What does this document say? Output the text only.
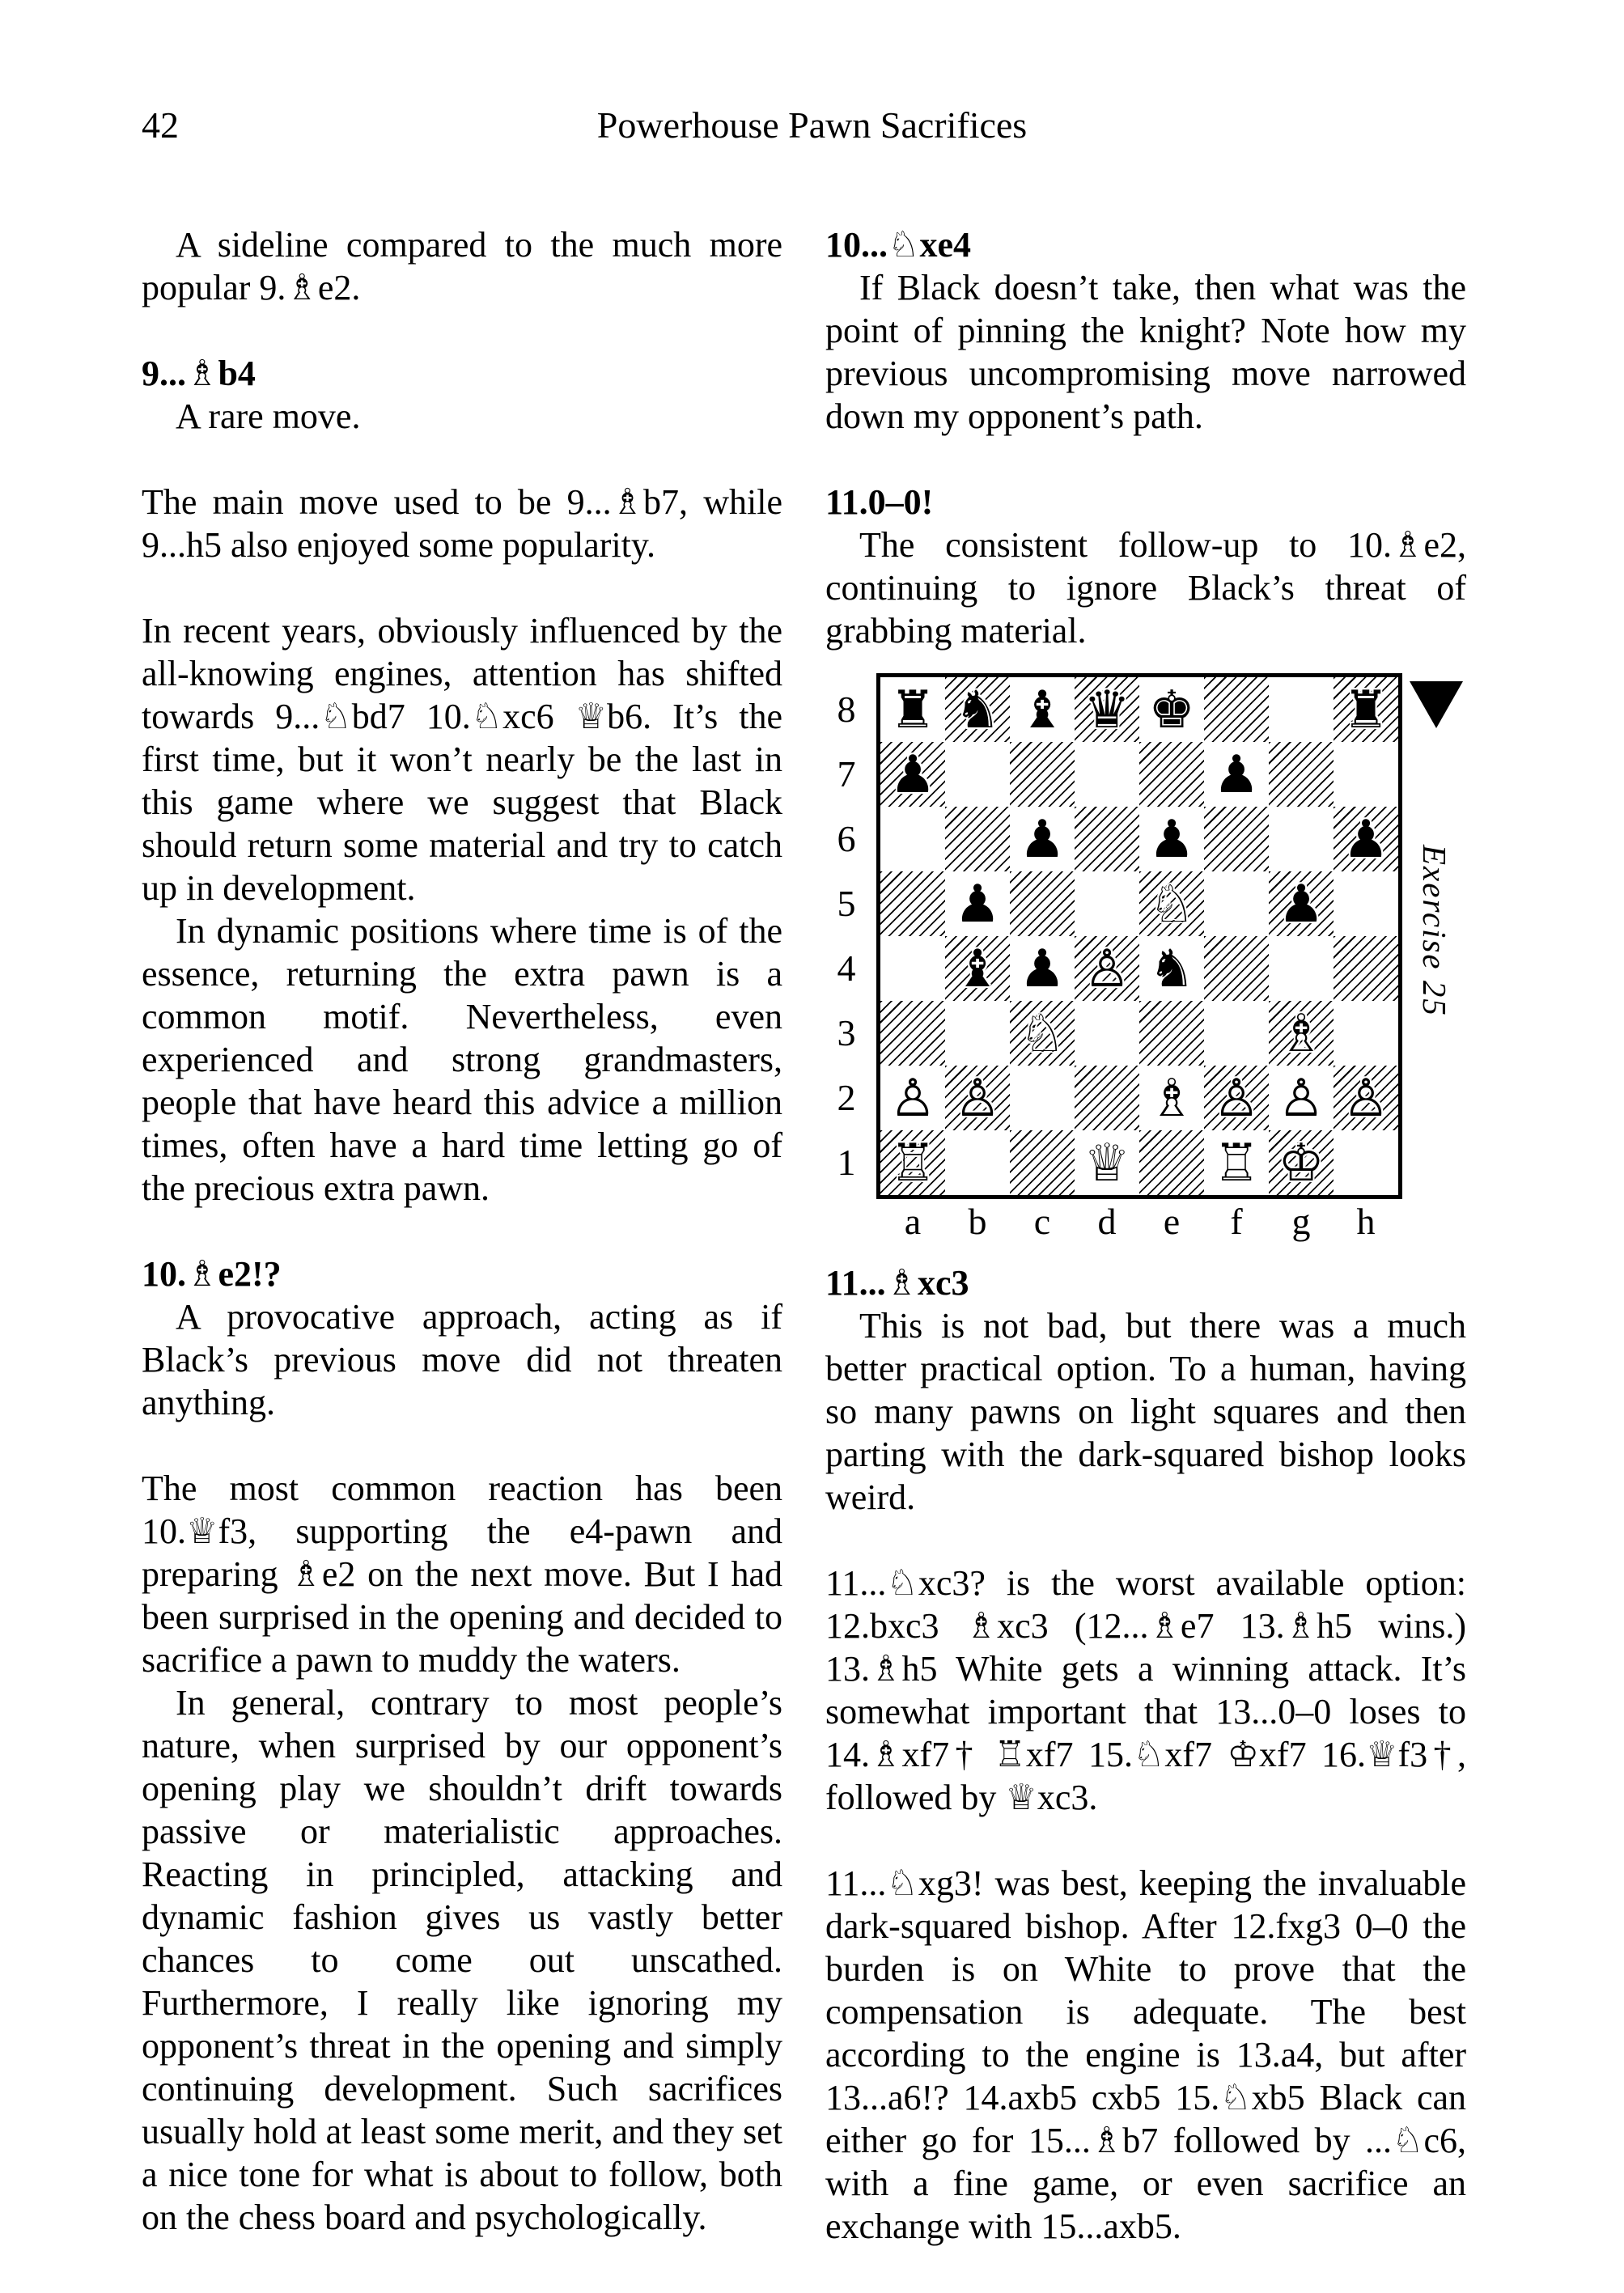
42	Powerhouse Pawn Sacrifices

A sideline compared to the much more popular 9.♗e2.

9...♗b4

A rare move.

The main move used to be 9...♗b7, while 9...h5 also enjoyed some popularity.

In recent years, obviously influenced by the all-knowing engines, attention has shifted towards 9...♘bd7 10.♘xc6 ♕b6. It’s the first time, but it won’t nearly be the last in this game where we suggest that Black should return some material and try to catch up in development.

In dynamic positions where time is of the essence, returning the extra pawn is a common motif. Nevertheless, even experienced and strong grandmasters, people that have heard this advice a million times, often have a hard time letting go of the precious extra pawn.

10.♗e2!?

A provocative approach, acting as if Black’s previous move did not threaten anything.

The most common reaction has been 10.♕f3, supporting the e4-pawn and preparing ♗e2 on the next move. But I had been surprised in the opening and decided to sacrifice a pawn to muddy the waters.

In general, contrary to most people’s nature, when surprised by our opponent’s opening play we shouldn’t drift towards passive or materialistic approaches. Reacting in principled, attacking and dynamic fashion gives us vastly better chances to come out unscathed. Furthermore, I really like ignoring my opponent’s threat in the opening and simply continuing development. Such sacrifices usually hold at least some merit, and they set a nice tone for what is about to follow, both on the chess board and psychologically.

10...♘xe4

If Black doesn’t take, then what was the point of pinning the knight? Note how my previous uncompromising move narrowed down my opponent’s path.

11.0–0!

The consistent follow-up to 10.♗e2, continuing to ignore Black’s threat of grabbing material.

8
7
6
5
4
3
2
1
♜ ♞ ♝ ♛ ♚	♜
♟	♟
♟ ♟	♟
♟	♘ ♟
♝ ♟ ♙ ♞
♘	♗
♙ ♙	♗ ♙ ♙ ♙
♖	♕ ♖ ♔
a	b	c	d	e	f	g	h
Exercise 25
11...♗xc3

This is not bad, but there was a much better practical option. To a human, having so many pawns on light squares and then parting with the dark-squared bishop looks weird.

11...♘xc3? is the worst available option: 12.bxc3 ♗xc3 (12...♗e7 13.♗h5 wins.) 13.♗h5 White gets a winning attack. It’s somewhat important that 13...0–0 loses to 14.♗xf7† ♖xf7 15.♘xf7 ♔xf7 16.♕f3†, followed by ♕xc3.

11...♘xg3! was best, keeping the invaluable dark-squared bishop. After 12.fxg3 0–0 the burden is on White to prove that the compensation is adequate. The best according to the engine is 13.a4, but after 13...a6!? 14.axb5 cxb5 15.♘xb5 Black can either go for 15...♗b7 followed by ...♘c6, with a fine game, or even sacrifice an exchange with 15...axb5.
